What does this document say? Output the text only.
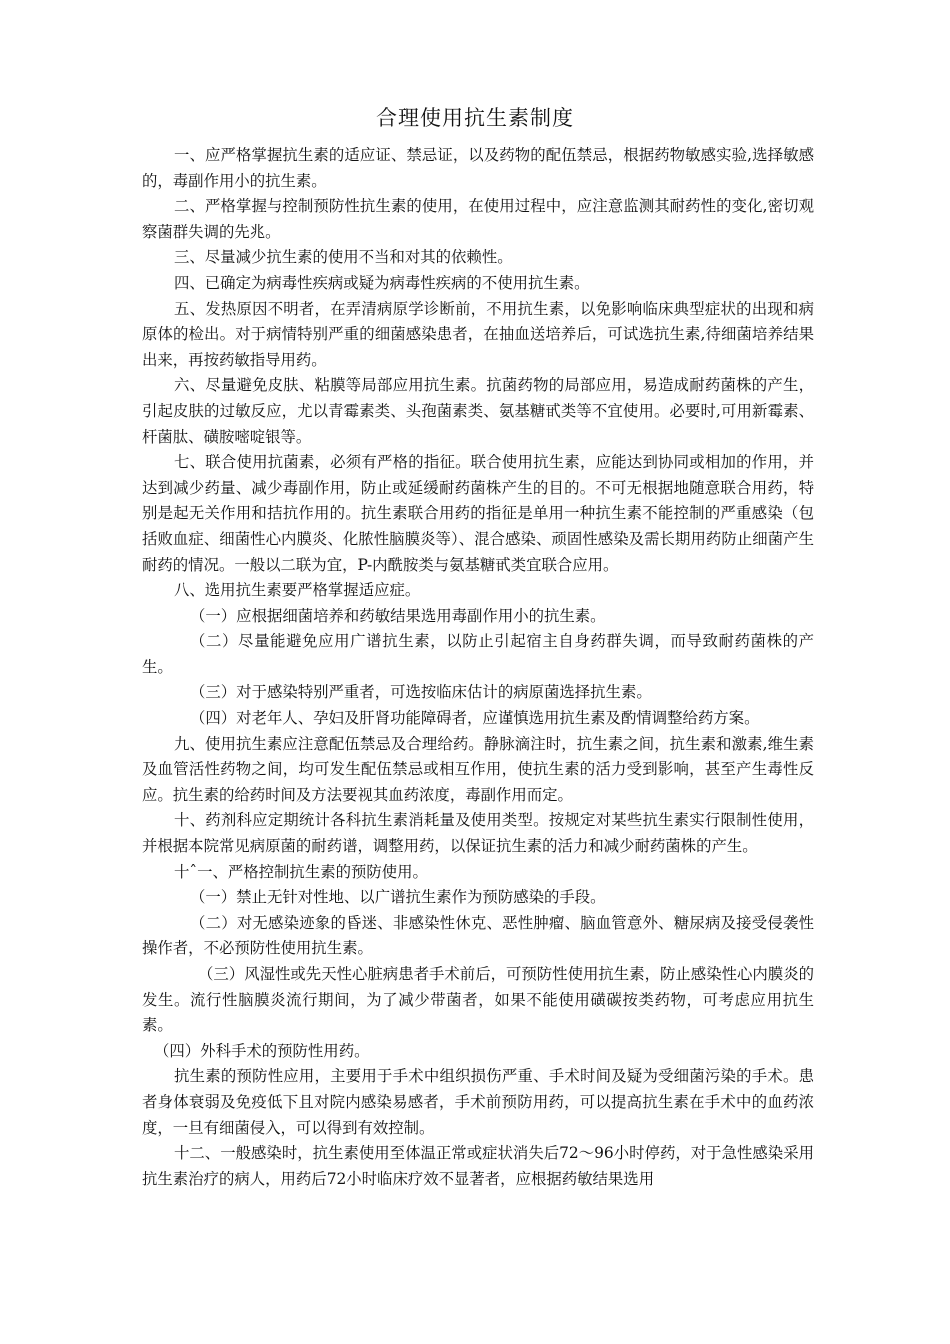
合理使用抗生素制度

一、应严格掌握抗生素的适应证、禁忌证，以及药物的配伍禁忌，根据药物敏感实验,选择敏感的，毒副作用小的抗生素。

二、严格掌握与控制预防性抗生素的使用，在使用过程中，应注意监测其耐药性的变化,密切观察菌群失调的先兆。

三、尽量减少抗生素的使用不当和对其的依赖性。

四、已确定为病毒性疾病或疑为病毒性疾病的不使用抗生素。

五、发热原因不明者，在弄清病原学诊断前，不用抗生素，以免影响临床典型症状的出现和病原体的检出。对于病情特别严重的细菌感染患者，在抽血送培养后，可试选抗生素,待细菌培养结果出来，再按药敏指导用药。

六、尽量避免皮肤、粘膜等局部应用抗生素。抗菌药物的局部应用，易造成耐药菌株的产生，引起皮肤的过敏反应，尤以青霉素类、头孢菌素类、氨基糖甙类等不宜使用。必要时,可用新霉素、杆菌肽、磺胺嘧啶银等。

七、联合使用抗菌素，必须有严格的指征。联合使用抗生素，应能达到协同或相加的作用，并达到减少药量、减少毒副作用，防止或延缓耐药菌株产生的目的。不可无根据地随意联合用药，特别是起无关作用和拮抗作用的。抗生素联合用药的指征是单用一种抗生素不能控制的严重感染（包括败血症、细菌性心内膜炎、化脓性脑膜炎等）、混合感染、顽固性感染及需长期用药防止细菌产生耐药的情况。一般以二联为宜，P-内酰胺类与氨基糖甙类宜联合应用。

八、选用抗生素要严格掌握适应症。

（一）应根据细菌培养和药敏结果选用毒副作用小的抗生素。

（二）尽量能避免应用广谱抗生素，以防止引起宿主自身药群失调，而导致耐药菌株的产生。

（三）对于感染特别严重者，可选按临床估计的病原菌选择抗生素。

（四）对老年人、孕妇及肝肾功能障碍者，应谨慎选用抗生素及酌情调整给药方案。

九、使用抗生素应注意配伍禁忌及合理给药。静脉滴注时，抗生素之间，抗生素和激素,维生素及血管活性药物之间，均可发生配伍禁忌或相互作用，使抗生素的活力受到影响，甚至产生毒性反应。抗生素的给药时间及方法要视其血药浓度，毒副作用而定。

十、药剂科应定期统计各科抗生素消耗量及使用类型。按规定对某些抗生素实行限制性使用，并根据本院常见病原菌的耐药谱，调整用药，以保证抗生素的活力和减少耐药菌株的产生。

十ˆ一、严格控制抗生素的预防使用。

（一）禁止无针对性地、以广谱抗生素作为预防感染的手段。

（二）对无感染迹象的昏迷、非感染性休克、恶性肿瘤、脑血管意外、糖尿病及接受侵袭性操作者，不必预防性使用抗生素。

（三）风湿性或先天性心脏病患者手术前后，可预防性使用抗生素，防止感染性心内膜炎的发生。流行性脑膜炎流行期间，为了减少带菌者，如果不能使用磺碳按类药物，可考虑应用抗生素。

（四）外科手术的预防性用药。

抗生素的预防性应用，主要用于手术中组织损伤严重、手术时间及疑为受细菌污染的手术。患者身体衰弱及免疫低下且对院内感染易感者，手术前预防用药，可以提高抗生素在手术中的血药浓度，一旦有细菌侵入，可以得到有效控制。

十二、一般感染时，抗生素使用至体温正常或症状消失后72〜96小时停药，对于急性感染采用抗生素治疗的病人，用药后72小时临床疗效不显著者，应根据药敏结果选用
